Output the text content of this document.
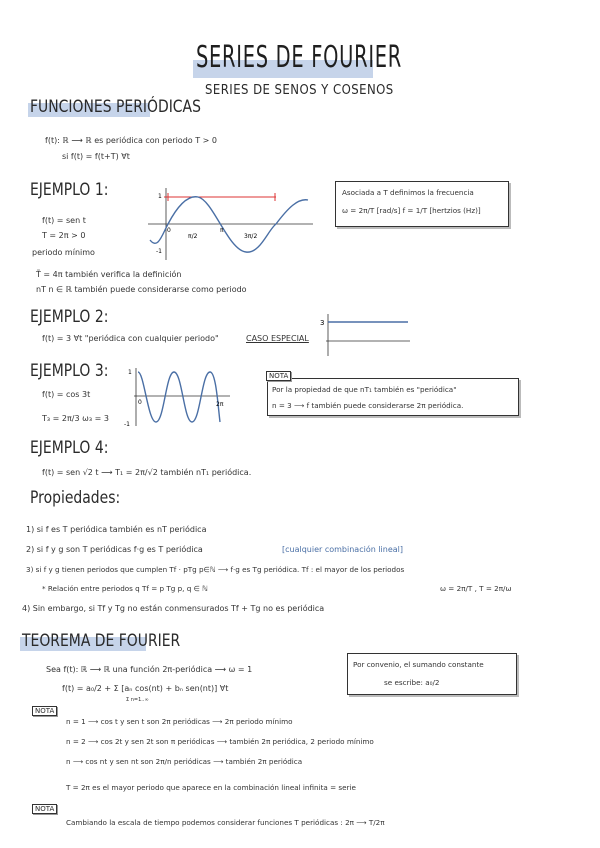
SERIES DE FOURIER
SERIES DE SENOS Y COSENOS
FUNCIONES PERIÓDICAS
f(t): ℝ ⟶ ℝ es periódica con periodo T > 0
si f(t) = f(t+T) ∀t
EJEMPLO 1:
f(t) = sen t
T = 2π > 0
periodo mínimo
1
-1
0
π/2
π
3π/2
Asociada a T definimos la frecuencia
ω = 2π/T [rad/s] f = 1/T [hertzios (Hz)]
T̃ = 4π también verifica la definición
nT n ∈ ℝ también puede considerarse como periodo
EJEMPLO 2:
f(t) = 3 ∀t "periódica con cualquier periodo"	CASO ESPECIAL
3
EJEMPLO 3:
f(t) = cos 3t
T₃ = 2π/3 ω₃ = 3
1
-1
0	2π
NOTA
Por la propiedad de que nT₁ también es "periódica"
n = 3 ⟶ f también puede considerarse 2π periódica.
EJEMPLO 4:
f(t) = sen √2 t ⟶ T₁ = 2π/√2 también nT₁ periódica.
Propiedades:
1) si f es T periódica también es nT periódica
2) si f y g son T periódicas f·g es T periódica	[cualquier combinación lineal]
3) si f y g tienen periodos que cumplen Tf · pTg p∈ℕ ⟶ f·g es Tg periódica. Tf : el mayor de los periodos
* Relación entre periodos q Tf = p Tg p, q ∈ ℕ	ω = 2π/T , T = 2π/ω
4) Sin embargo, si Tf y Tg no están conmensurados Tf + Tg no es periódica
TEOREMA DE FOURIER
Sea f(t): ℝ ⟶ ℝ una función 2π-periódica ⟶ ω = 1
f(t) = a₀/2 + Σ [aₙ cos(nt) + bₙ sen(nt)] ∀t
Σ n=1..∞
Por convenio, el sumando constante
se escribe: a₀/2
NOTA
n = 1 ⟶ cos t y sen t son 2π periódicas ⟶ 2π periodo mínimo
n = 2 ⟶ cos 2t y sen 2t son π periódicas ⟶ también 2π periódica, 2 periodo mínimo
n ⟶ cos nt y sen nt son 2π/n periódicas ⟶ también 2π periódica
T = 2π es el mayor periodo que aparece en la combinación lineal infinita = serie
NOTA
Cambiando la escala de tiempo podemos considerar funciones T periódicas : 2π ⟶ T/2π
